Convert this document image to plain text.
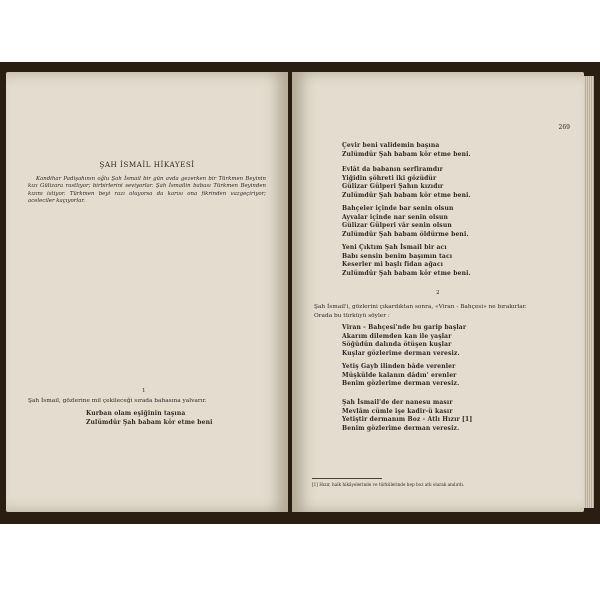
ŞAH İSMAİL HİKAYESİ
Kandihar Padişahının oğlu Şah İsmail bir gün avda gezerken bir Türkmen Beyinin kızı Gülizara rastlıyor; birbirlerini seviyorlar. Şah İsmailin babası Türkmen Beyinden kızını istiyor. Türkmen beyi razı oluyorsa da karısı ona fikrinden vazgeçiriyor; aceleciler kaçıyorlar.
1
Şah İsmail, gözlerine mil çekileceği sırada babasına yalvarır.
Kurban olam eşiğinin taşına
Zulümdür Şah babam kör etme beni
269
Çevir beni validemin başına
Zulümdür Şah babam kör etme beni.
Evlât da babanın serfiramdır
Yiğidin şöhreti iki gözüdür
Gülizar Gülperi Şahın kızıdır
Zulümdür Şah babam kör etme beni.
Bahçeler içinde bar senin olsun
Ayvalar içinde nar senin olsun
Gülizar Gülperi vâr senin olsun
Zulümdür Şah babam öldürme beni.
Yeni Çıktım Şah İsmail bir acı
Babı sensin benim başımın tacı
Keserler mi başlı fidan ağacı
Zulümdür Şah babam kör etme beni.
2
Şah İsmail'i, gözlerini çıkardıktan sonra, «Viran - Bahçesi» ne bırakırlar.
Orada bu türküyü söyler :
Viran - Bahçesi'nde bu garip başlar
Akarım dilemden kan ile yaşlar
Söğüdün dalında ötüşen kuşlar
Kuşlar gözlerime derman veresiz.
Yetiş Gayb ilinden bâde verenler
Müşkülde kalanın dâdın' erenler
Benim gözlerime derman veresiz.
Şah İsmail'de der nanesu masır
Mevlâm cümle işe kadir-ü kasır
Yetiştir dermanım Boz - Atlı Hızır [1]
Benim gözlerime derman veresiz.
[1] Hızır, halk hikâyelerinde ve türkülerinde hep boz atlı olarak anılırdı.
